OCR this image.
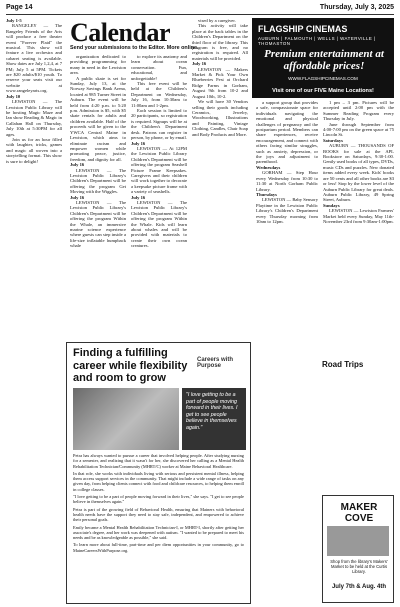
Page 14	Thursday, July 3, 2025
Calendar
Send your submissions to the Editor. More online.
FLAGSHIP CINEMAS
AUBURN | FALMOUTH | WELLS | WATERVILLE | THOMASTON
Premium entertainment at affordable prices!
WWW.FLAGSHIPCINEMAS.COM
Visit one of our FIVE Maine Locations!

July 1-5

RANGELEY — The Rangeley Friends of the Arts will produce a free theater event "Forever Plaid" the musical. This show will feature a live orchestra and cabaret seating is available. Show dates are July 1,2,4, at 7 PM; July 5 at 5PM. Tickets are $20 adults/$10 youth. To reserve your seats visit our website at www.rangeleyarts.org.

July 10

LEWISTON — The Lewiston Public Library will be hosting Magic Maze and Ian show Reading & Magic in Callahan Hall on Thursday, July 10th at 5:30PM for all ages.

Join us for an hour filled with laughter, tricks, games and magic all woven into a storytelling format. This show is sure to delight!

organization dedicated to providing programming for many in need in the Lewiston area.

A public skate is set for Sunday, July 13, at the Norway Savings Bank Arena, located at 985 Turner Street in Auburn. The event will be held from 4:20 p.m. to 5:20 p.m. Admission is $5, with $5 skate rentals for adults and children available. Half of the proceeds will be given to the YWCA Central Maine in Lewiston, which aims to eliminate racism and empower women while promoting peace, justice, freedom, and dignity for all.

July 16

LEWISTON — The Lewiston Public Library's Children's Department will be offering the program Get Moving with the Wiggles.

July 16

LEWISTON — The Lewiston Public Library's Children's Department will be offering the program Within the Whale, an immersive marine science experience where guests can step inside a life-size inflatable humpback whale

to explore its anatomy and learn about ocean conservation. Fun, educational, and unforgettable!

This free event will be held at the Children's Department on Wednesday, July 16, from 10:30am to 11:00am and 1-2pm.

Each session is limited to 20 participants, so registration is required. Signups will be at the Children's Department desk. Patrons can register in person, by phone, or by email.

July 16

LEWISTON — At 12PM the Lewiston Public Library Children's Department will be offering the program Seashell Picture Frame Keepsakes. Caregivers and their children will work together to decorate a keepsake picture frame with a variety of seashells.

July 16

LEWISTON — The Lewiston Public Library's Children's Department will be offering the program Within the Whale. Kids will learn about whales and will be provided with materials to create their own ocean creatures.

vised by a caregiver.

This activity will take place at the back tables in the Children's Department on the third floor of the library. This program is free, and no registration is required. All materials will be provided.

July 16

LEWISTON — Makers Market & Pick Your Own Blueberries Fest at Orchard Ridge Farms in Gorham, August 9th from 10-2 and August 10th, 10-2.

We will have 30 Vendors selling their goods including Ceramics, Jewelry, Woodworking, Illustrations and Painting, Vintage Clothing, Candles, Chair Soap and Body Products and More.

a support group that provides a safe, compassionate space for individuals navigating the emotional and physical challenges of pregnancy and the postpartum period. Members can share experiences, receive encouragement, and connect with others facing similar struggles, such as anxiety, depression, or the joys and adjustment to parenthood.

Wednesdays

GORHAM — Step Hour every Wednesday from 10:30 to 11:30 at North Gorham Public Library.

Thursdays

LEWISTON — Baby Sensory Playtime in the Lewiston Public Library's Children's Department every Thursday morning from 10am to 12pm.

1 pm – 3 pm. Pictures will be accepted until 2:00 pm with the Summer Reading Program every Thursday in July.

June through September from 4:00-7:00 pm on the green space at 75 Lincoln St.

Saturdays

AUBURN — THOUSANDS OF BOOKS for sale at the APL Bookstore on Saturdays, 9:30-1:00. Gently used books of all types, DVDs, music CDs and puzzles. New donated items added every week. Kids' books are 50 cents and all other books are $3 or less! Stop by the lower level of the Auburn Public Library for great deals. Auburn Public Library, 49 Spring Street, Auburn.

Sundays

LEWISTON — Lewiston Farmers' Market held every Sunday, May 11th-November 23rd from 9:30am-1:00pm.

Road Trips
Finding a fulfilling career while flexibility and room to grow
Careers with Purpose
"I love getting to be a part of people moving forward in their lives. I get to see people believe in themselves again."

Petra has always wanted to pursue a career that involved helping people. After studying nursing for a semester, and realizing that it wasn't for her, she discovered her calling as a Mental Health Rehabilitation Technician/Community (MHRT/C) worker at Maine Behavioral Healthcare.

In that role, she works with individuals living with serious and persistent mental illness, helping them access support services in the community. That might include a wide range of tasks on any given day, from helping clients connect with food and childcare resources, to helping them enroll in college classes.

"I love getting to be a part of people moving forward in their lives," she says. "I get to see people believe in themselves again."

Petra is part of the growing field of Behavioral Health, ensuring that Mainers with behavioral health needs have the support they need to stay safe, independent, and empowered to achieve their personal goals.

Emily became a Mental Health Rehabilitation Technician-I, or MHRT-I, shortly after getting her associate's degree, and her work was deepened with autism. "I wanted to be prepared to meet his needs and be as knowledgeable as possible," she said.

To learn more about full-time, part-time and per diem opportunities in your community, go to MaineCareersWithPurpose.org.

MAKER COVE
Shop from the library's Makers' Market to be held at the Curtis Library.
July 7th & Aug. 4th
